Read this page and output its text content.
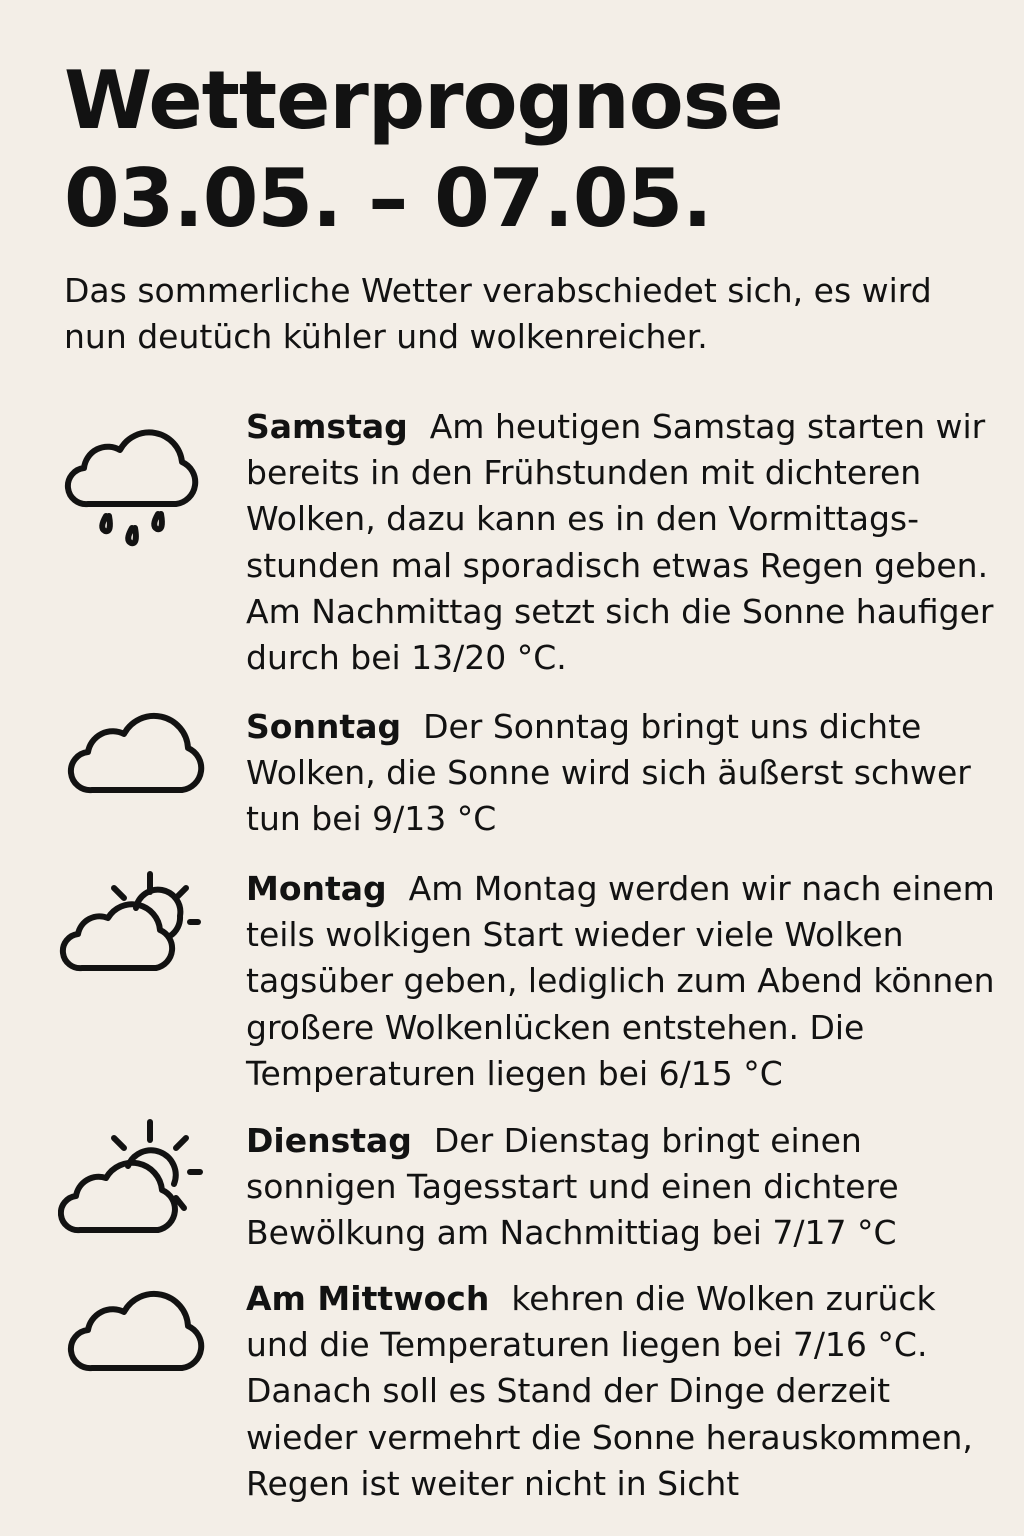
Wetterprognose
03.05. – 07.05.

Das sommerliche Wetter verabschiedet sich, es wird nun deutüch kühler und wolkenreicher.

Samstag Am heutigen Samstag starten wir bereits in den Frühstunden mit dichteren Wolken, dazu kann es in den Vormittags-stunden mal sporadisch etwas Regen geben. Am Nachmittag setzt sich die Sonne haufiger durch bei 13/20 °C.

Sonntag Der Sonntag bringt uns dichte Wolken, die Sonne wird sich äußerst schwer tun bei 9/13 °C

Montag Am Montag werden wir nach einem teils wolkigen Start wieder viele Wolken tagsüber geben, lediglich zum Abend können großere Wolkenlücken entstehen. Die Temperaturen liegen bei 6/15 °C

Dienstag Der Dienstag bringt einen sonnigen Tagesstart und einen dichtere Bewölkung am Nachmittiag bei 7/17 °C

Am Mittwoch kehren die Wolken zurück und die Temperaturen liegen bei 7/16 °C. Danach soll es Stand der Dinge derzeit wieder vermehrt die Sonne herauskommen, Regen ist weiter nicht in Sicht
